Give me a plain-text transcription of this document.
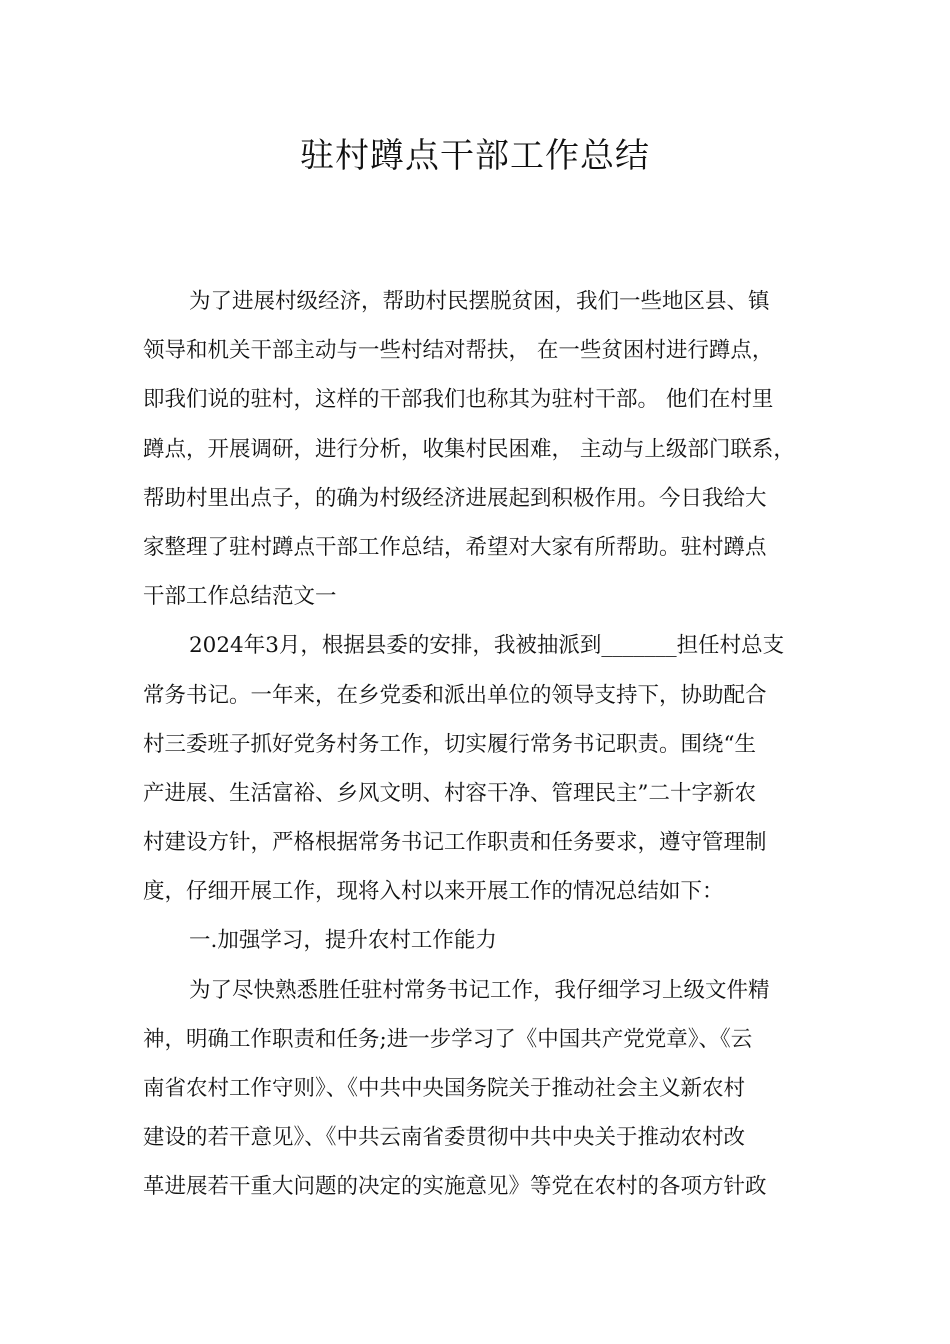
驻村蹲点干部工作总结
为了进展村级经济，帮助村民摆脱贫困，我们一些地区县、镇
领导和机关干部主动与一些村结对帮扶， 在一些贫困村进行蹲点，
即我们说的驻村，这样的干部我们也称其为驻村干部。 他们在村里
蹲点，开展调研，进行分析，收集村民困难， 主动与上级部门联系，
帮助村里出点子，的确为村级经济进展起到积极作用。今日我给大
家整理了驻村蹲点干部工作总结，希望对大家有所帮助。驻村蹲点
干部工作总结范文一
2024年3月，根据县委的安排，我被抽派到_______担任村总支
常务书记。一年来，在乡党委和派出单位的领导支持下，协助配合
村三委班子抓好党务村务工作，切实履行常务书记职责。围绕“生
产进展、生活富裕、乡风文明、村容干净、管理民主”二十字新农
村建设方针，严格根据常务书记工作职责和任务要求，遵守管理制
度，仔细开展工作，现将入村以来开展工作的情况总结如下：
一.加强学习，提升农村工作能力
为了尽快熟悉胜任驻村常务书记工作，我仔细学习上级文件精
神，明确工作职责和任务;进一步学习了《中国共产党党章》、《云
南省农村工作守则》、《中共中央国务院关于推动社会主义新农村
建设的若干意见》、《中共云南省委贯彻中共中央关于推动农村改
革进展若干重大问题的决定的实施意见》等党在农村的各项方针政
